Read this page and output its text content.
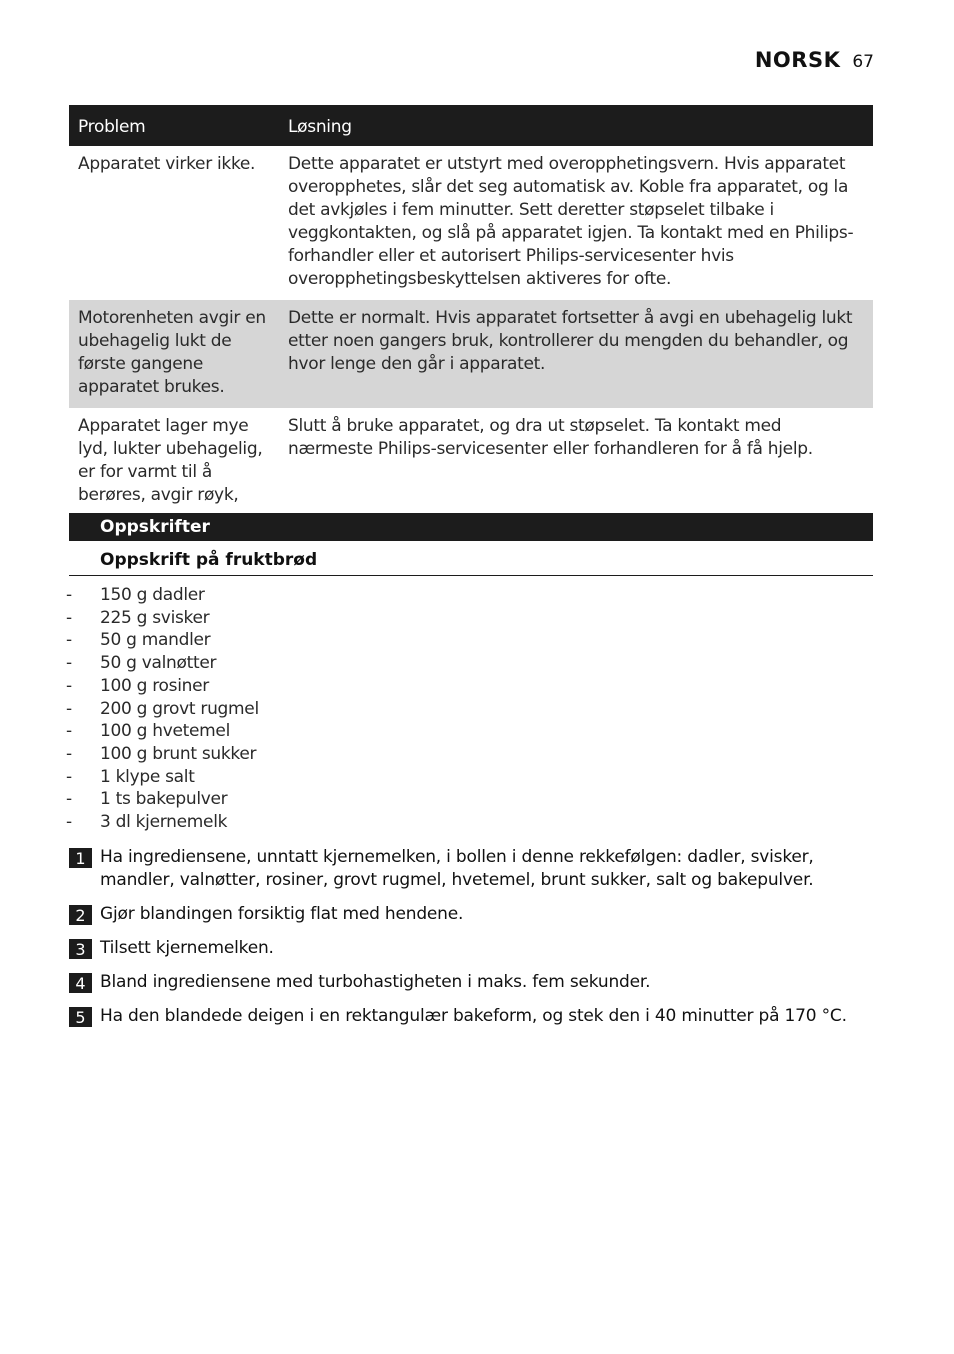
NORSK 67
Problem	Løsning
Apparatet virker ikke.	Dette apparatet er utstyrt med overopphetingsvern. Hvis apparatet overopphetes, slår det seg automatisk av. Koble fra apparatet, og la det avkjøles i fem minutter. Sett deretter støpselet tilbake i veggkontakten, og slå på apparatet igjen. Ta kontakt med en Philips-forhandler eller et autorisert Philips-servicesenter hvis overopphetingsbeskyttelsen aktiveres for ofte.
Motorenheten avgir en ubehagelig lukt de første gangene apparatet brukes.	Dette er normalt. Hvis apparatet fortsetter å avgi en ubehagelig lukt etter noen gangers bruk, kontrollerer du mengden du behandler, og hvor lenge den går i apparatet.
Apparatet lager mye lyd, lukter ubehagelig, er for varmt til å berøres, avgir røyk,	Slutt å bruke apparatet, og dra ut støpselet. Ta kontakt med nærmeste Philips-servicesenter eller forhandleren for å få hjelp.
Oppskrifter
Oppskrift på fruktbrød
- 150 g dadler
- 225 g svisker
- 50 g mandler
- 50 g valnøtter
- 100 g rosiner
- 200 g grovt rugmel
- 100 g hvetemel
- 100 g brunt sukker
- 1 klype salt
- 1 ts bakepulver
- 3 dl kjernemelk
1 Ha ingrediensene, unntatt kjernemelken, i bollen i denne rekkefølgen: dadler, svisker, mandler, valnøtter, rosiner, grovt rugmel, hvetemel, brunt sukker, salt og bakepulver.
2 Gjør blandingen forsiktig flat med hendene.
3 Tilsett kjernemelken.
4 Bland ingrediensene med turbohastigheten i maks. fem sekunder.
5 Ha den blandede deigen i en rektangulær bakeform, og stek den i 40 minutter på 170 °C.
